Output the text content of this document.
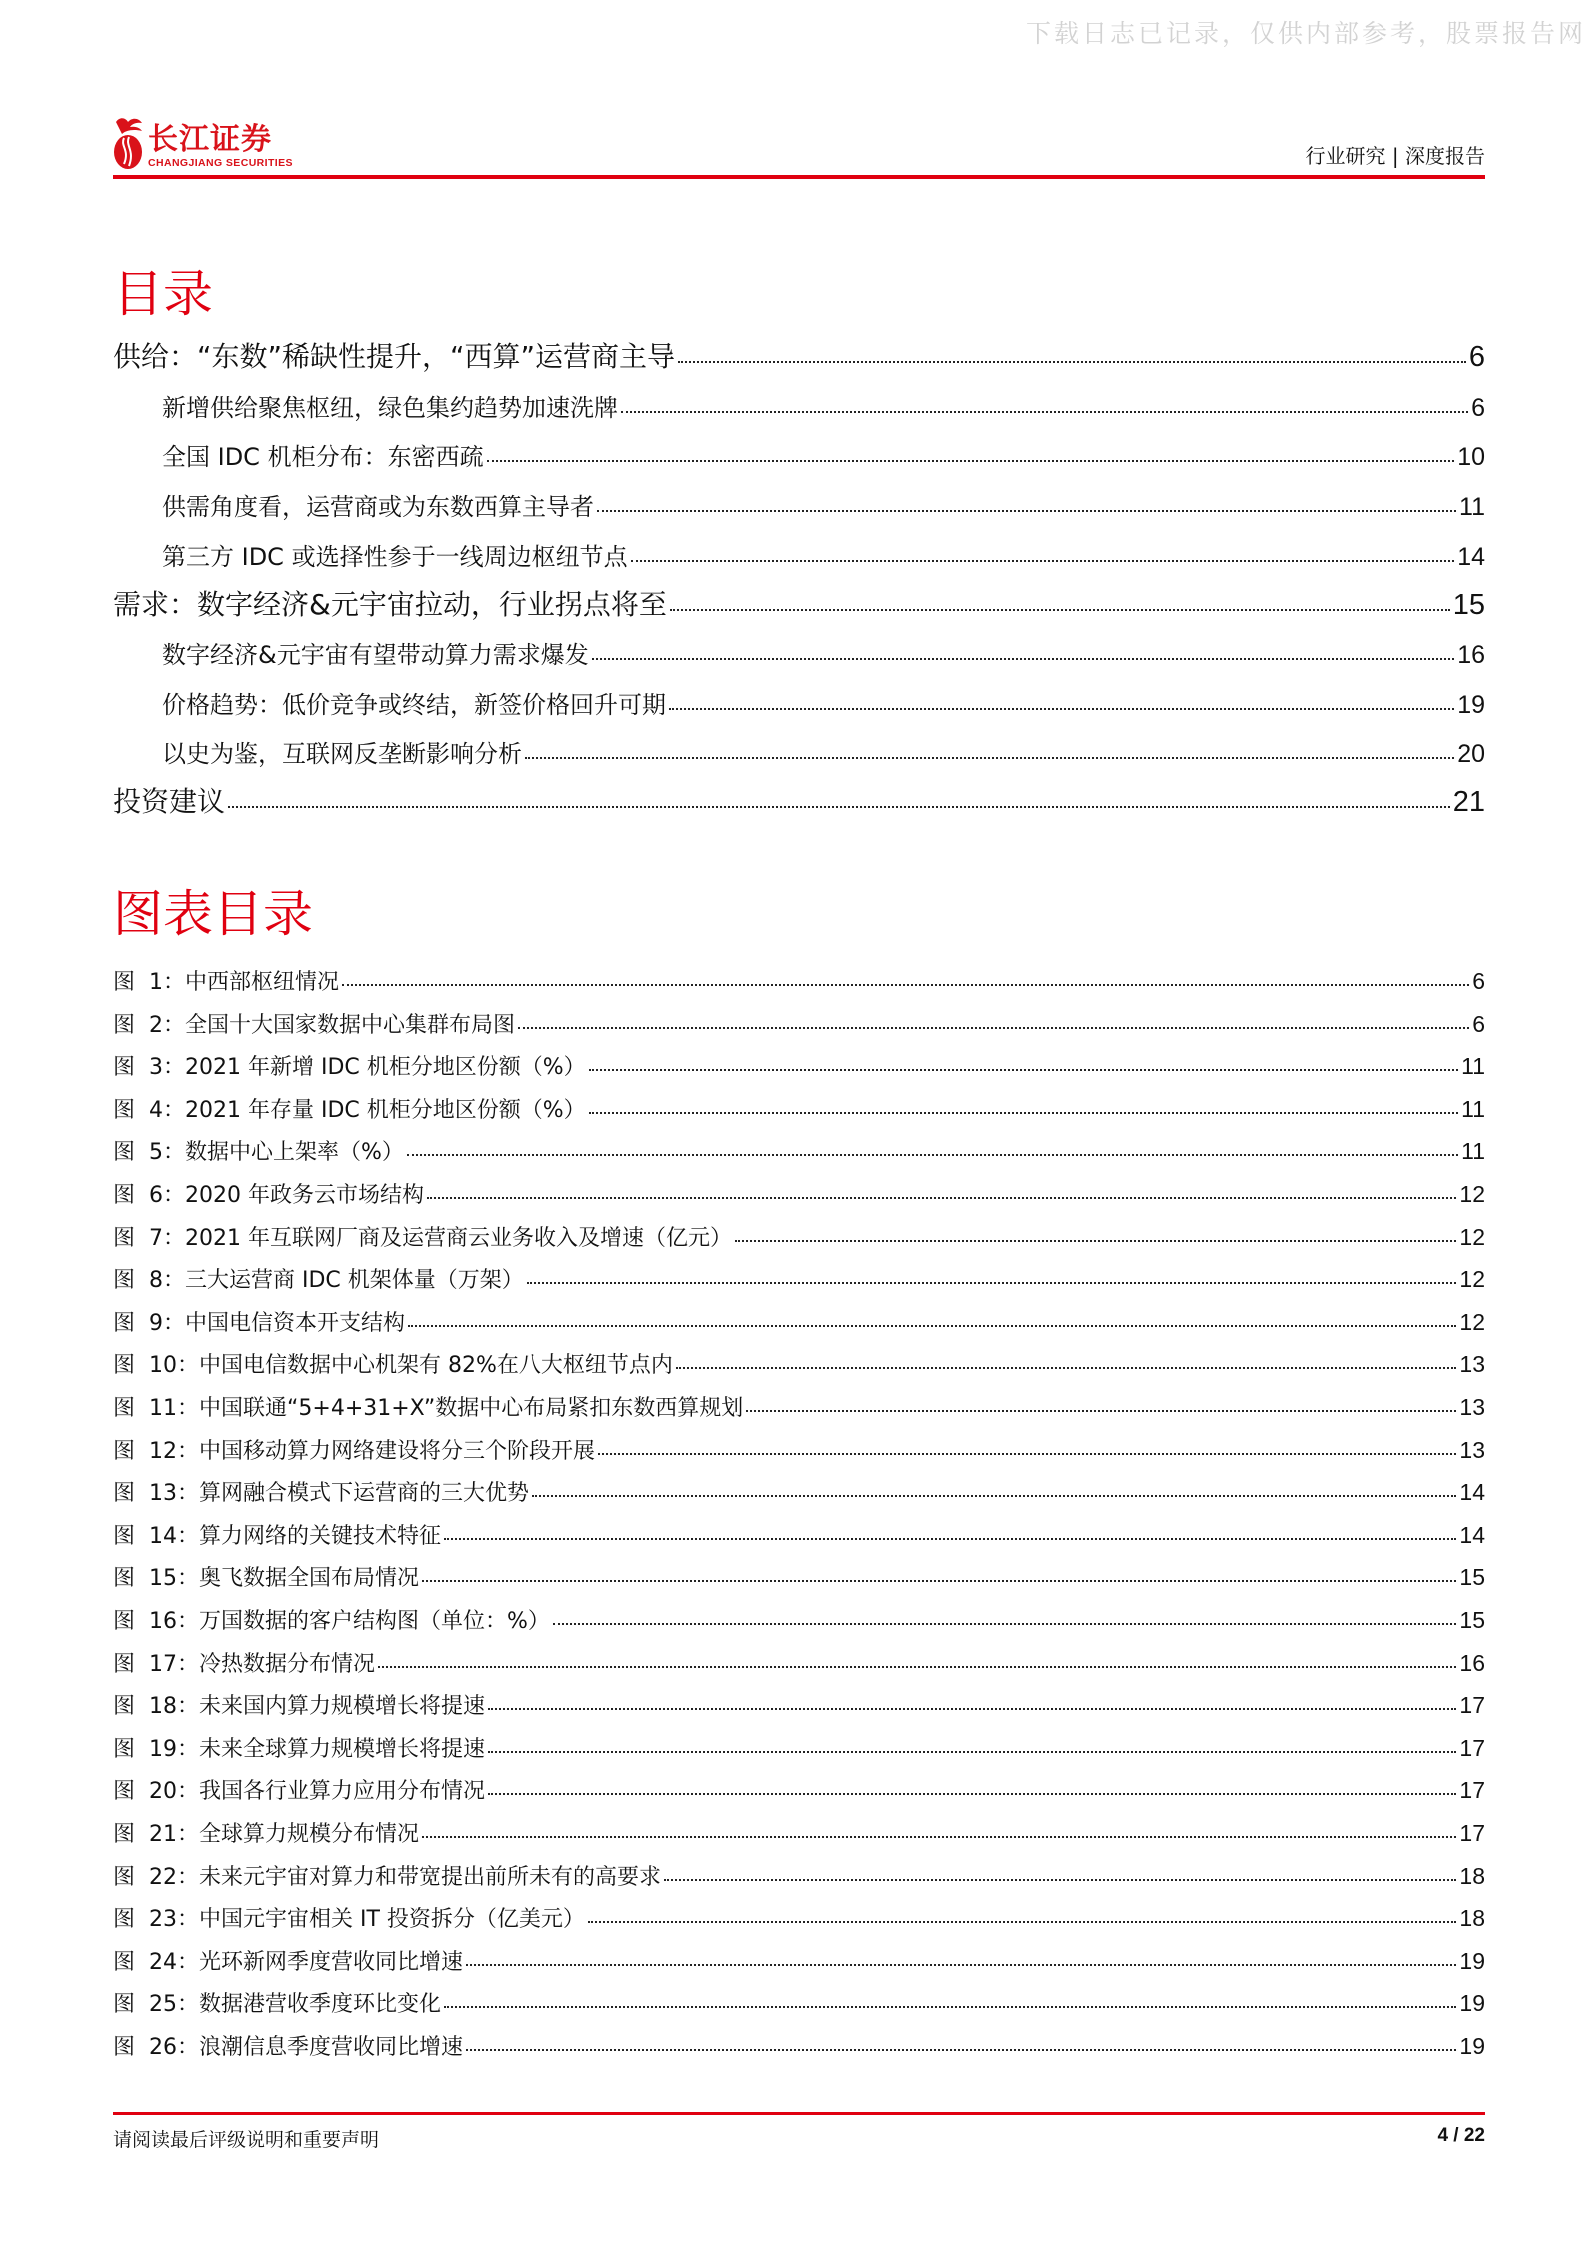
下载日志已记录，仅供内部参考，股票报告网
长江证券
CHANGJIANG SECURITIES	行业研究 | 深度报告
目录
供给：“东数”稀缺性提升，“西算”运营商主导	6
新增供给聚焦枢纽，绿色集约趋势加速洗牌	6
全国 IDC 机柜分布：东密西疏	10
供需角度看，运营商或为东数西算主导者	11
第三方 IDC 或选择性参于一线周边枢纽节点	14
需求：数字经济&元宇宙拉动，行业拐点将至	15
数字经济&元宇宙有望带动算力需求爆发	16
价格趋势：低价竞争或终结，新签价格回升可期	19
以史为鉴，互联网反垄断影响分析	20
投资建议	21
图表目录
图 1：中西部枢纽情况	6
图 2：全国十大国家数据中心集群布局图	6
图 3：2021 年新增 IDC 机柜分地区份额（%）	11
图 4：2021 年存量 IDC 机柜分地区份额（%）	11
图 5：数据中心上架率（%）	11
图 6：2020 年政务云市场结构	12
图 7：2021 年互联网厂商及运营商云业务收入及增速（亿元）	12
图 8：三大运营商 IDC 机架体量（万架）	12
图 9：中国电信资本开支结构	12
图 10：中国电信数据中心机架有 82%在八大枢纽节点内	13
图 11：中国联通“5+4+31+X”数据中心布局紧扣东数西算规划	13
图 12：中国移动算力网络建设将分三个阶段开展	13
图 13：算网融合模式下运营商的三大优势	14
图 14：算力网络的关键技术特征	14
图 15：奥飞数据全国布局情况	15
图 16：万国数据的客户结构图（单位：%）	15
图 17：冷热数据分布情况	16
图 18：未来国内算力规模增长将提速	17
图 19：未来全球算力规模增长将提速	17
图 20：我国各行业算力应用分布情况	17
图 21：全球算力规模分布情况	17
图 22：未来元宇宙对算力和带宽提出前所未有的高要求	18
图 23：中国元宇宙相关 IT 投资拆分（亿美元）	18
图 24：光环新网季度营收同比增速	19
图 25：数据港营收季度环比变化	19
图 26：浪潮信息季度营收同比增速	19
请阅读最后评级说明和重要声明	4 / 22
